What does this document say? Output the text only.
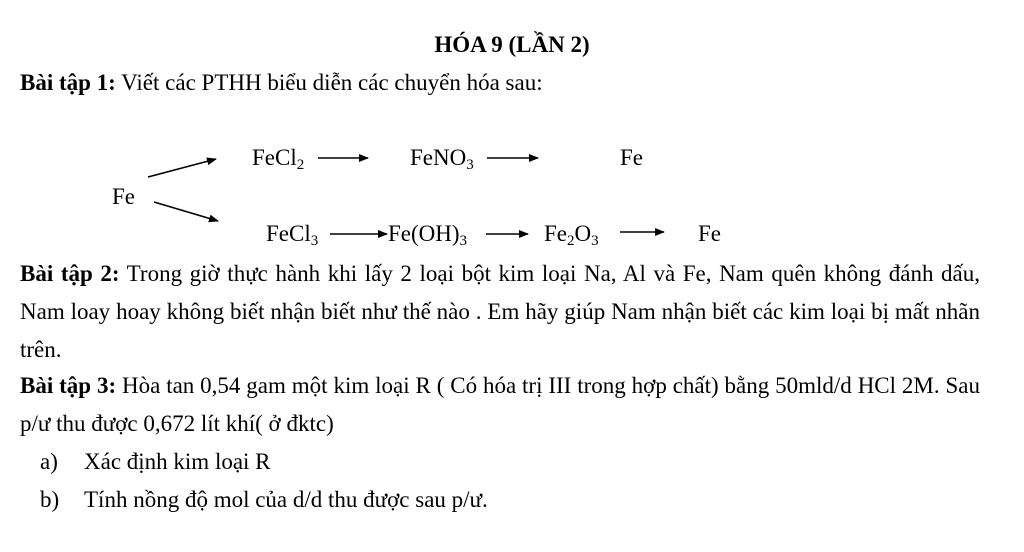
HÓA 9 (LẦN 2)
Bài tập 1: Viết các PTHH biểu diễn các chuyển hóa sau:
Fe
FeCl$_2$	FeNO$_3$	Fe
FeCl$_3$	$Fe(OH)_3$	$Fe_2O_3$	Fe
Bài tập 2: Trong giờ thực hành khi lấy 2 loại bột kim loại Na, Al và Fe, Nam quên không đánh dấu, Nam loay hoay không biết nhận biết như thế nào . Em hãy giúp Nam nhận biết các kim loại bị mất nhãn trên.
Bài tập 3: Hòa tan 0,54 gam một kim loại R ( Có hóa trị III trong hợp chất) bằng 50mld/d HCl 2M. Sau p/ư thu được 0,672 lít khí( ở đktc)
a) Xác định kim loại R
b) Tính nồng độ mol của d/d thu được sau p/ư.
